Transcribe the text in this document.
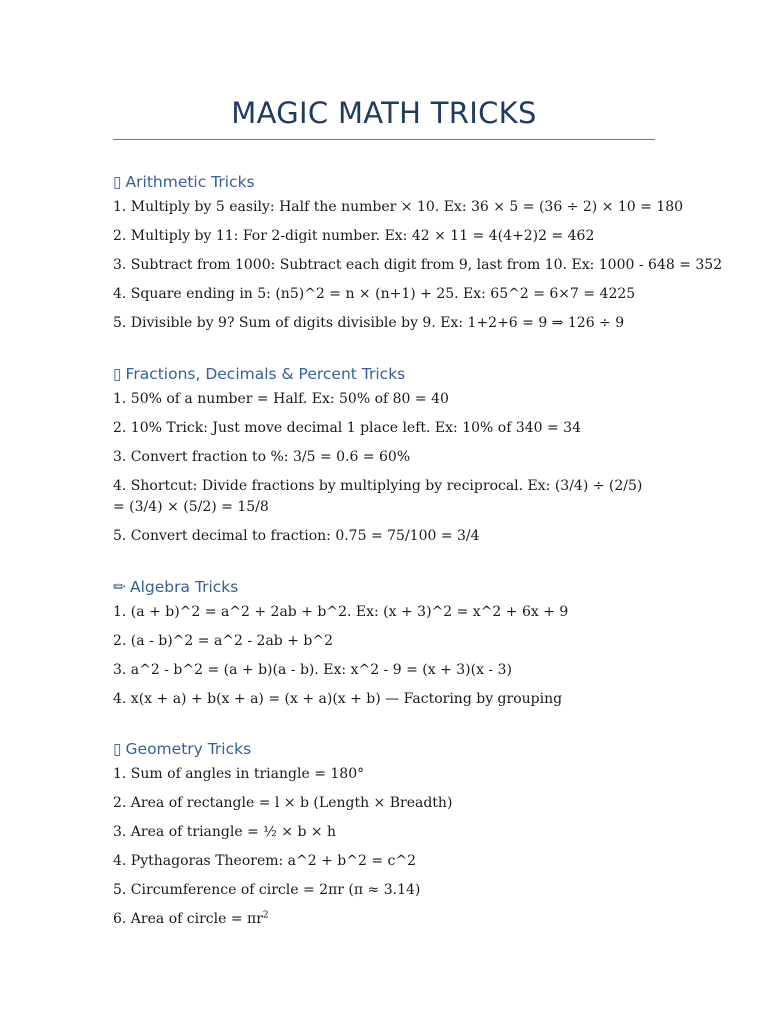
MAGIC MATH TRICKS
▯ Arithmetic Tricks

1. Multiply by 5 easily: Half the number × 10. Ex: 36 × 5 = (36 ÷ 2) × 10 = 180

2. Multiply by 11: For 2-digit number. Ex: 42 × 11 = 4(4+2)2 = 462

3. Subtract from 1000: Subtract each digit from 9, last from 10. Ex: 1000 - 648 = 352

4. Square ending in 5: (n5)^2 = n × (n+1) + 25. Ex: 65^2 = 6×7 = 4225

5. Divisible by 9? Sum of digits divisible by 9. Ex: 1+2+6 = 9 ⇒ 126 ÷ 9

▯ Fractions, Decimals & Percent Tricks

1. 50% of a number = Half. Ex: 50% of 80 = 40

2. 10% Trick: Just move decimal 1 place left. Ex: 10% of 340 = 34

3. Convert fraction to %: 3/5 = 0.6 = 60%

4. Shortcut: Divide fractions by multiplying by reciprocal. Ex: (3/4) ÷ (2/5) = (3/4) × (5/2) = 15/8

5. Convert decimal to fraction: 0.75 = 75/100 = 3/4

✏ Algebra Tricks

1. (a + b)^2 = a^2 + 2ab + b^2. Ex: (x + 3)^2 = x^2 + 6x + 9

2. (a - b)^2 = a^2 - 2ab + b^2

3. a^2 - b^2 = (a + b)(a - b). Ex: x^2 - 9 = (x + 3)(x - 3)

4. x(x + a) + b(x + a) = (x + a)(x + b) — Factoring by grouping

▯ Geometry Tricks

1. Sum of angles in triangle = 180°

2. Area of rectangle = l × b (Length × Breadth)

3. Area of triangle = ½ × b × h

4. Pythagoras Theorem: a^2 + b^2 = c^2

5. Circumference of circle = 2πr (π ≈ 3.14)

6. Area of circle = $\pi r^2$
